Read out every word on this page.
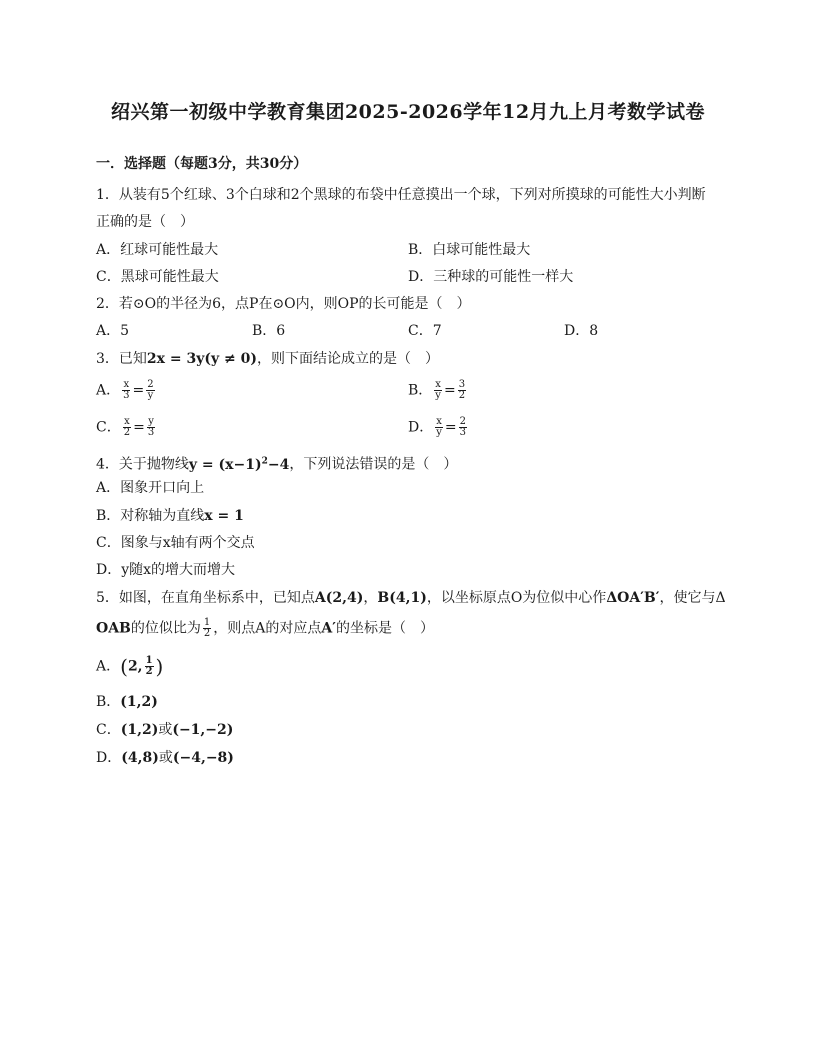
绍兴第一初级中学教育集团2025-2026学年12月九上月考数学试卷
一．选择题（每题3分，共30分）
1．从装有5个红球、3个白球和2个黑球的布袋中任意摸出一个球，下列对所摸球的可能性大小判断
正确的是（　）
A．红球可能性最大	B．白球可能性最大
C．黑球可能性最大	D．三种球的可能性一样大
2．若⊙O的半径为6，点P在⊙O内，则OP的长可能是（　）
A．5	B．6	C．7	D．8
3．已知2x = 3y(y ≠ 0)，则下面结论成立的是（　）
A． $\frac{x}{3} = \frac{2}{y}$	B． $\frac{x}{y} = \frac{3}{2}$
C． $\frac{x}{2} = \frac{y}{3}$	D． $\frac{x}{y} = \frac{2}{3}$
4．关于抛物线$y = (x-1)^2-4$，下列说法错误的是（　）
A．图象开口向上
B．对称轴为直线x = 1
C．图象与x轴有两个交点
D．y随x的增大而增大
5．如图，在直角坐标系中，已知点A(2,4)，B(4,1)，以坐标原点O为位似中心作ΔOA′B′，使它与Δ
OAB的位似比为 $\frac{1}{2}$ ，则点A的对应点A′的坐标是（　）
A．(2, $\frac{1}{2}$ )
B．(1,2)
C．(1,2)或(−1,−2)
D．(4,8)或(−4,−8)
